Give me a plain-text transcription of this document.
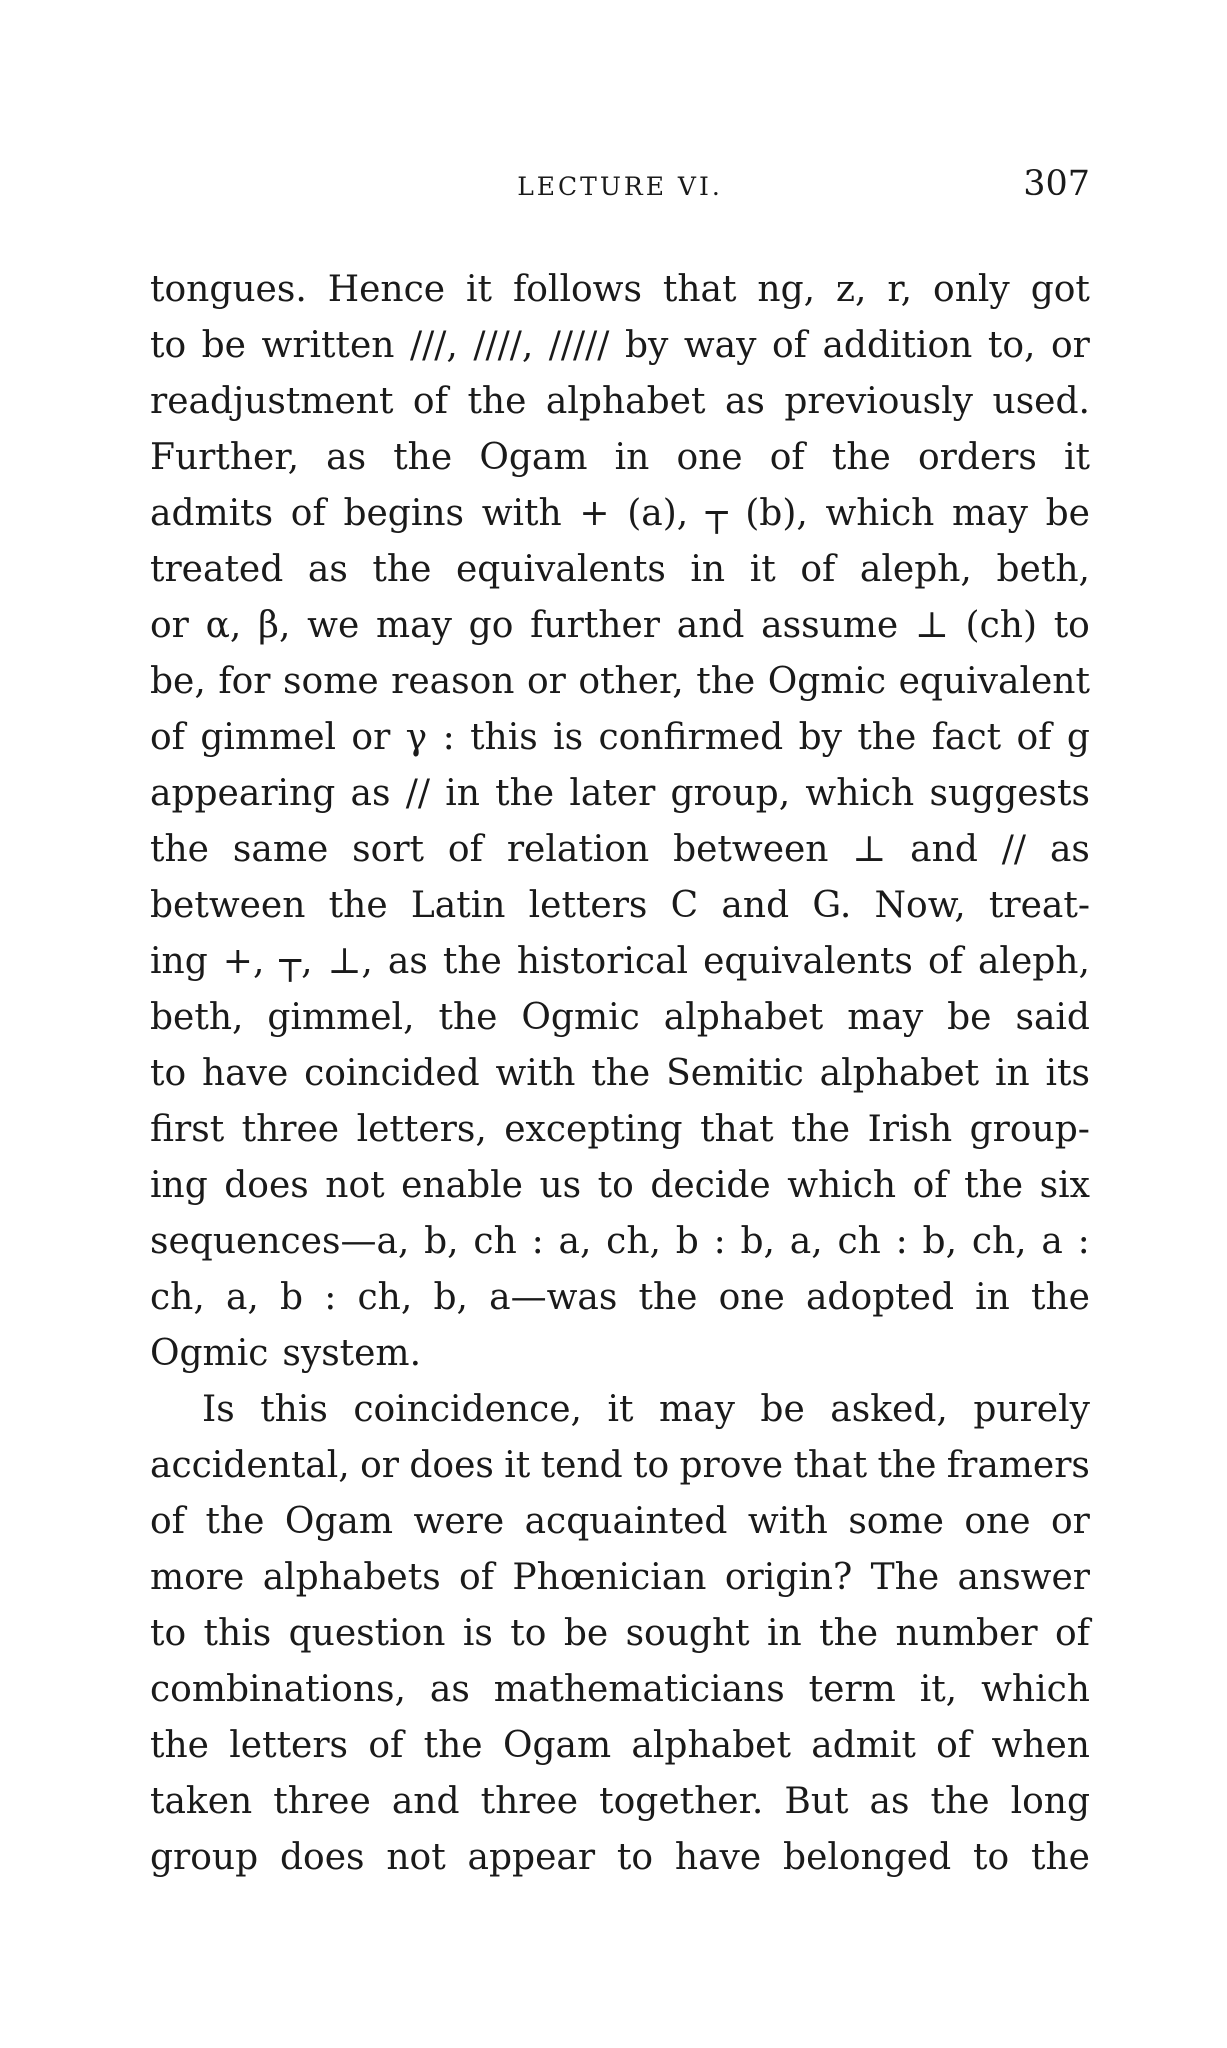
LECTURE VI.	307
tongues. Hence it follows that ng, z, r, only got
to be written ///, ////, ///// by way of addition to, or
readjustment of the alphabet as previously used.
Further, as the Ogam in one of the orders it
admits of begins with + (a), ┬ (b), which may be
treated as the equivalents in it of aleph, beth,
or α, β, we may go further and assume ⊥ (ch) to
be, for some reason or other, the Ogmic equivalent
of gimmel or γ : this is confirmed by the fact of g
appearing as // in the later group, which suggests
the same sort of relation between ⊥ and // as
between the Latin letters C and G. Now, treat-
ing +, ┬, ⊥, as the historical equivalents of aleph,
beth, gimmel, the Ogmic alphabet may be said
to have coincided with the Semitic alphabet in its
first three letters, excepting that the Irish group-
ing does not enable us to decide which of the six
sequences—a, b, ch : a, ch, b : b, a, ch : b, ch, a :
ch, a, b : ch, b, a—was the one adopted in the
Ogmic system.
Is this coincidence, it may be asked, purely
accidental, or does it tend to prove that the framers
of the Ogam were acquainted with some one or
more alphabets of Phœnician origin? The answer
to this question is to be sought in the number of
combinations, as mathematicians term it, which
the letters of the Ogam alphabet admit of when
taken three and three together. But as the long
group does not appear to have belonged to the
